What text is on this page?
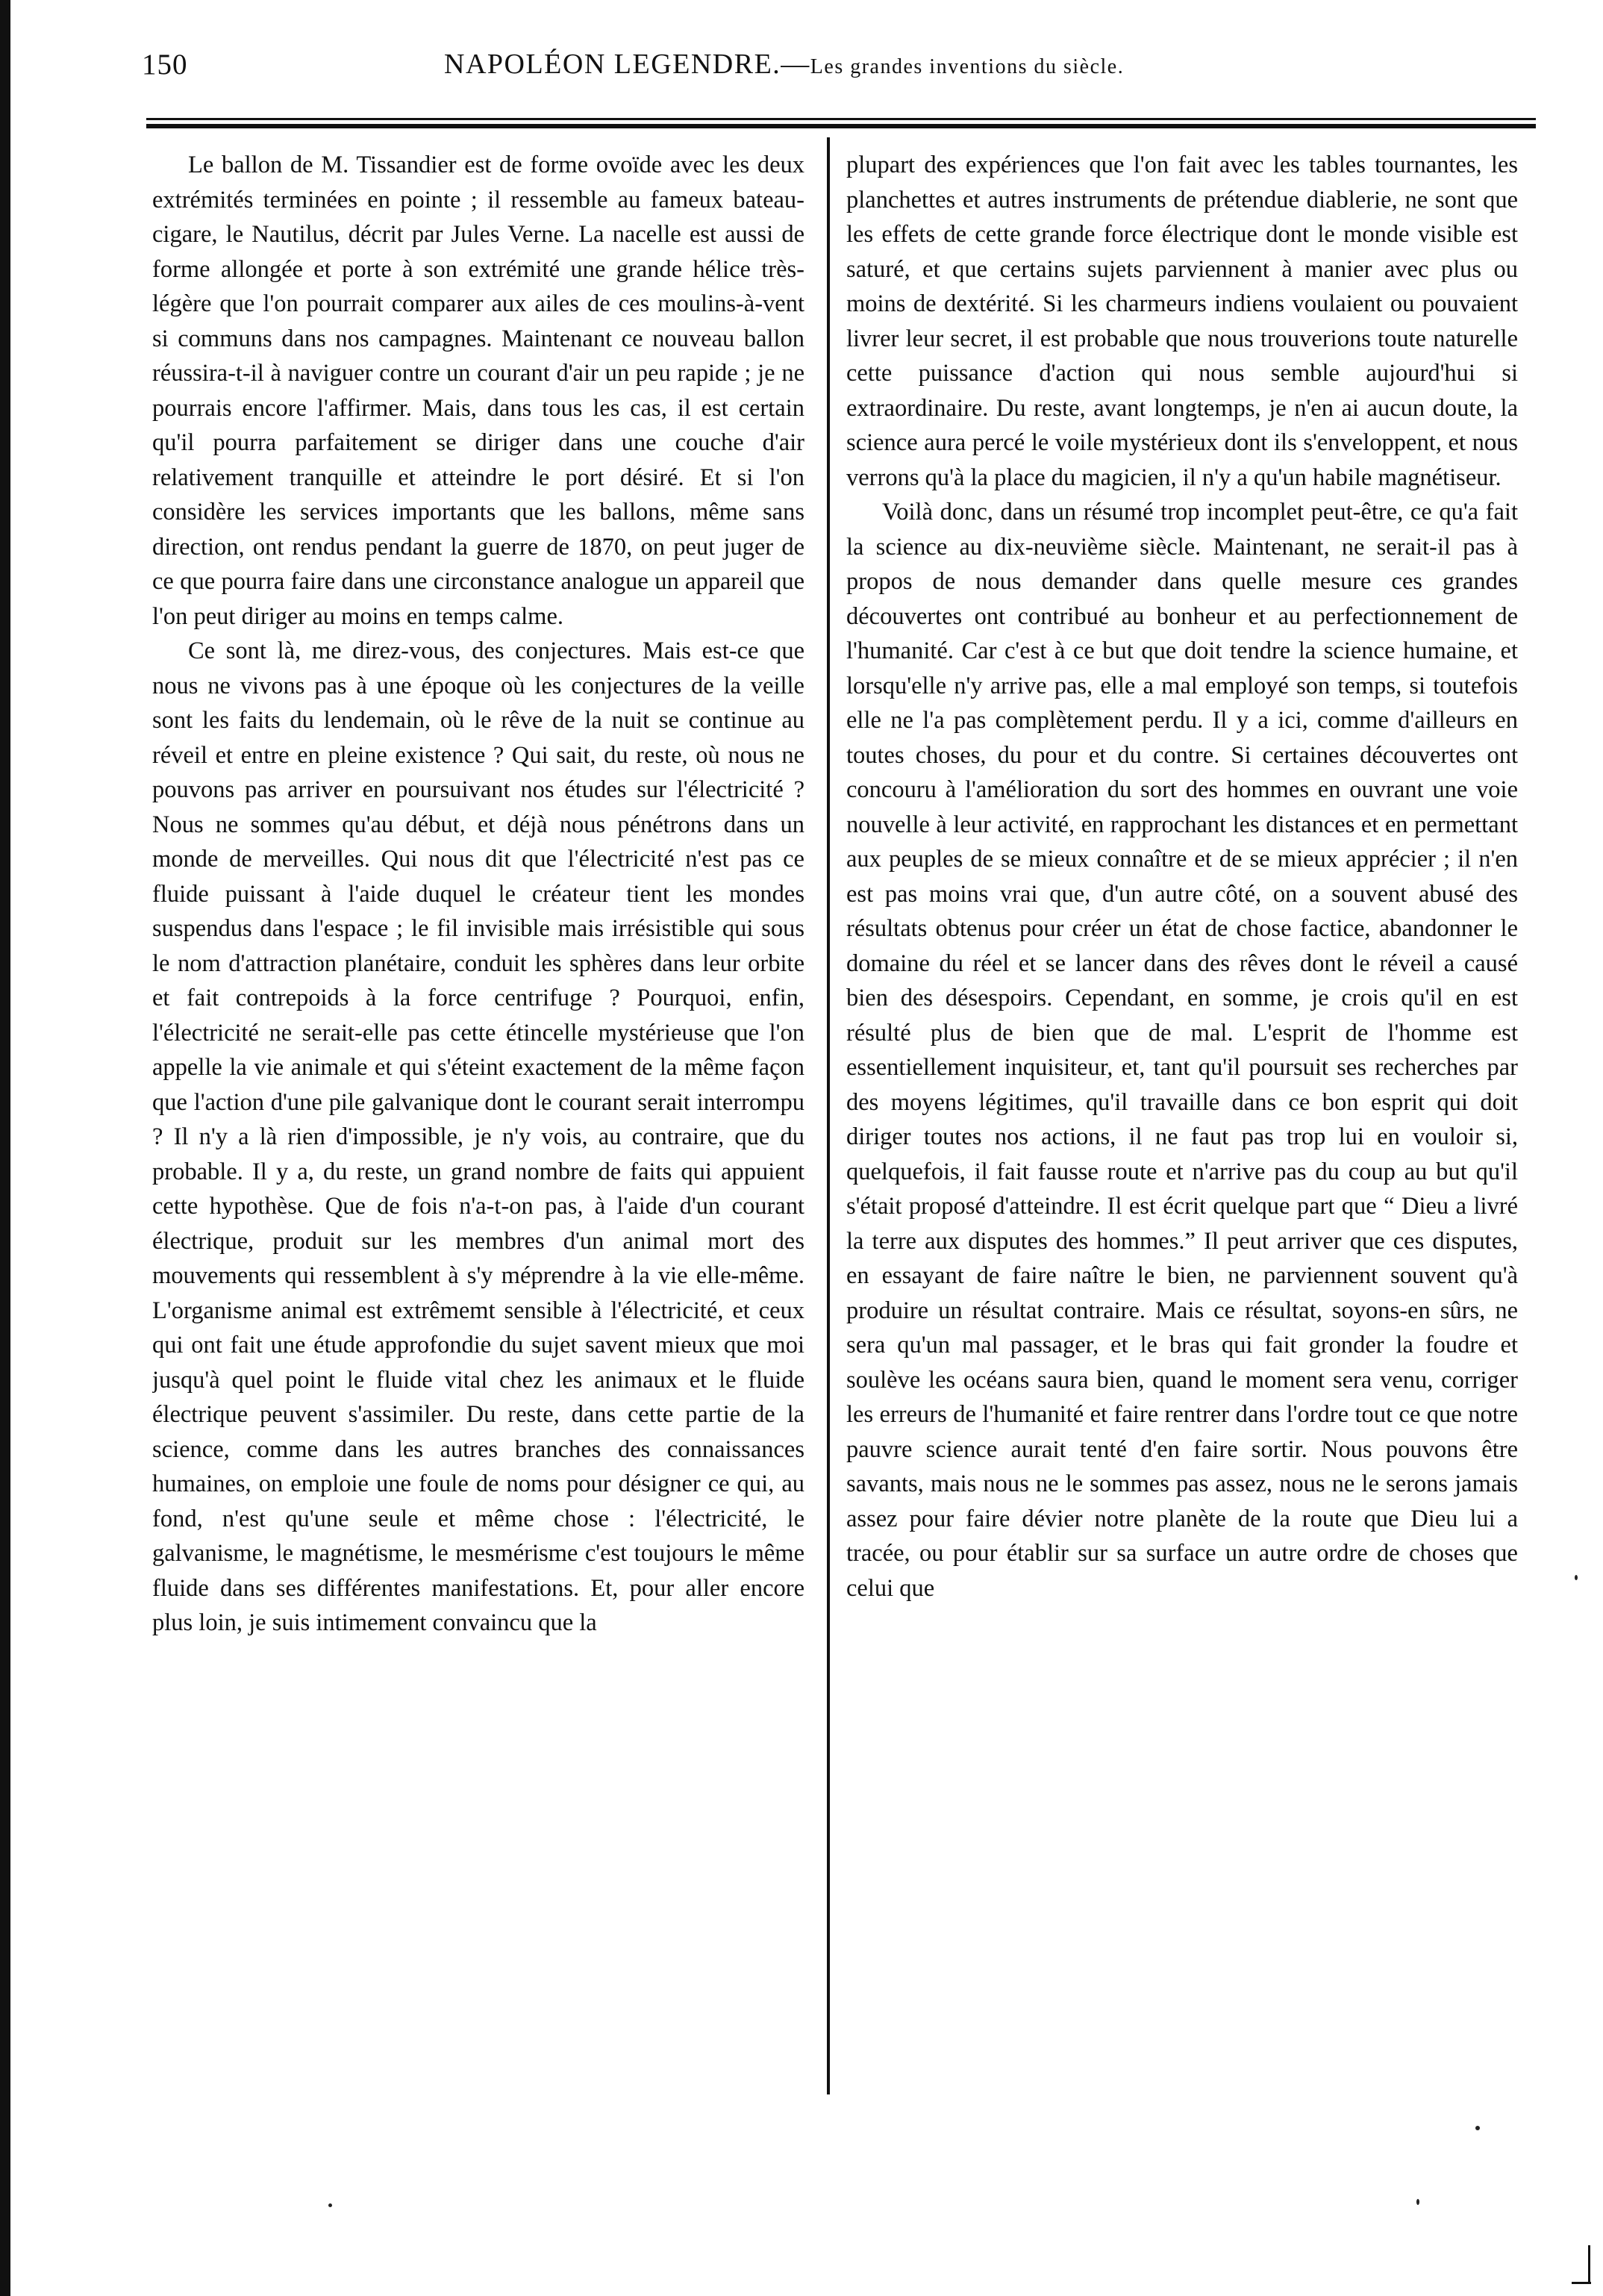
150	NAPOLÉON LEGENDRE.—Les grandes inventions du siècle.

Le ballon de M. Tissandier est de forme ovoïde avec les deux extrémités terminées en pointe ; il ressemble au fameux bateau-cigare, le Nautilus, décrit par Jules Verne. La nacelle est aussi de forme allongée et porte à son extrémité une grande hélice très-légère que l'on pourrait comparer aux ailes de ces moulins-à-vent si communs dans nos campagnes. Maintenant ce nouveau ballon réussira-t-il à naviguer contre un courant d'air un peu rapide ; je ne pourrais encore l'affirmer. Mais, dans tous les cas, il est certain qu'il pourra parfaitement se diriger dans une couche d'air relativement tranquille et atteindre le port désiré. Et si l'on considère les services importants que les ballons, même sans direction, ont rendus pendant la guerre de 1870, on peut juger de ce que pourra faire dans une circonstance analogue un appareil que l'on peut diriger au moins en temps calme.

Ce sont là, me direz-vous, des conjectures. Mais est-ce que nous ne vivons pas à une époque où les conjectures de la veille sont les faits du lendemain, où le rêve de la nuit se continue au réveil et entre en pleine existence ? Qui sait, du reste, où nous ne pouvons pas arriver en poursuivant nos études sur l'électricité ? Nous ne sommes qu'au début, et déjà nous pénétrons dans un monde de merveilles. Qui nous dit que l'électricité n'est pas ce fluide puissant à l'aide duquel le créateur tient les mondes suspendus dans l'espace ; le fil invisible mais irrésistible qui sous le nom d'attraction planétaire, conduit les sphères dans leur orbite et fait contrepoids à la force centrifuge ? Pourquoi, enfin, l'électricité ne serait-elle pas cette étincelle mystérieuse que l'on appelle la vie animale et qui s'éteint exactement de la même façon que l'action d'une pile galvanique dont le courant serait interrompu ? Il n'y a là rien d'impossible, je n'y vois, au contraire, que du probable. Il y a, du reste, un grand nombre de faits qui appuient cette hypothèse. Que de fois n'a-t-on pas, à l'aide d'un courant électrique, produit sur les membres d'un animal mort des mouvements qui ressemblent à s'y méprendre à la vie elle-même. L'organisme animal est extrêmemt sensible à l'électricité, et ceux qui ont fait une étude approfondie du sujet savent mieux que moi jusqu'à quel point le fluide vital chez les animaux et le fluide électrique peuvent s'assimiler. Du reste, dans cette partie de la science, comme dans les autres branches des connaissances humaines, on emploie une foule de noms pour désigner ce qui, au fond, n'est qu'une seule et même chose : l'électricité, le galvanisme, le magnétisme, le mesmérisme c'est toujours le même fluide dans ses différentes manifestations. Et, pour aller encore plus loin, je suis intimement convaincu que la

plupart des expériences que l'on fait avec les tables tournantes, les planchettes et autres instruments de prétendue diablerie, ne sont que les effets de cette grande force électrique dont le monde visible est saturé, et que certains sujets parviennent à manier avec plus ou moins de dextérité. Si les charmeurs indiens voulaient ou pouvaient livrer leur secret, il est probable que nous trouverions toute naturelle cette puissance d'action qui nous semble aujourd'hui si extraordinaire. Du reste, avant longtemps, je n'en ai aucun doute, la science aura percé le voile mystérieux dont ils s'enveloppent, et nous verrons qu'à la place du magicien, il n'y a qu'un habile magnétiseur.

Voilà donc, dans un résumé trop incomplet peut-être, ce qu'a fait la science au dix-neuvième siècle. Maintenant, ne serait-il pas à propos de nous demander dans quelle mesure ces grandes découvertes ont contribué au bonheur et au perfectionnement de l'humanité. Car c'est à ce but que doit tendre la science humaine, et lorsqu'elle n'y arrive pas, elle a mal employé son temps, si toutefois elle ne l'a pas complètement perdu. Il y a ici, comme d'ailleurs en toutes choses, du pour et du contre. Si certaines découvertes ont concouru à l'amélioration du sort des hommes en ouvrant une voie nouvelle à leur activité, en rapprochant les distances et en permettant aux peuples de se mieux connaître et de se mieux apprécier ; il n'en est pas moins vrai que, d'un autre côté, on a souvent abusé des résultats obtenus pour créer un état de chose factice, abandonner le domaine du réel et se lancer dans des rêves dont le réveil a causé bien des désespoirs. Cependant, en somme, je crois qu'il en est résulté plus de bien que de mal. L'esprit de l'homme est essentiellement inquisiteur, et, tant qu'il poursuit ses recherches par des moyens légitimes, qu'il travaille dans ce bon esprit qui doit diriger toutes nos actions, il ne faut pas trop lui en vouloir si, quelquefois, il fait fausse route et n'arrive pas du coup au but qu'il s'était proposé d'atteindre. Il est écrit quelque part que “ Dieu a livré la terre aux disputes des hommes.” Il peut arriver que ces disputes, en essayant de faire naître le bien, ne parviennent souvent qu'à produire un résultat contraire. Mais ce résultat, soyons-en sûrs, ne sera qu'un mal passager, et le bras qui fait gronder la foudre et soulève les océans saura bien, quand le moment sera venu, corriger les erreurs de l'humanité et faire rentrer dans l'ordre tout ce que notre pauvre science aurait tenté d'en faire sortir. Nous pouvons être savants, mais nous ne le sommes pas assez, nous ne le serons jamais assez pour faire dévier notre planète de la route que Dieu lui a tracée, ou pour établir sur sa surface un autre ordre de choses que celui que
